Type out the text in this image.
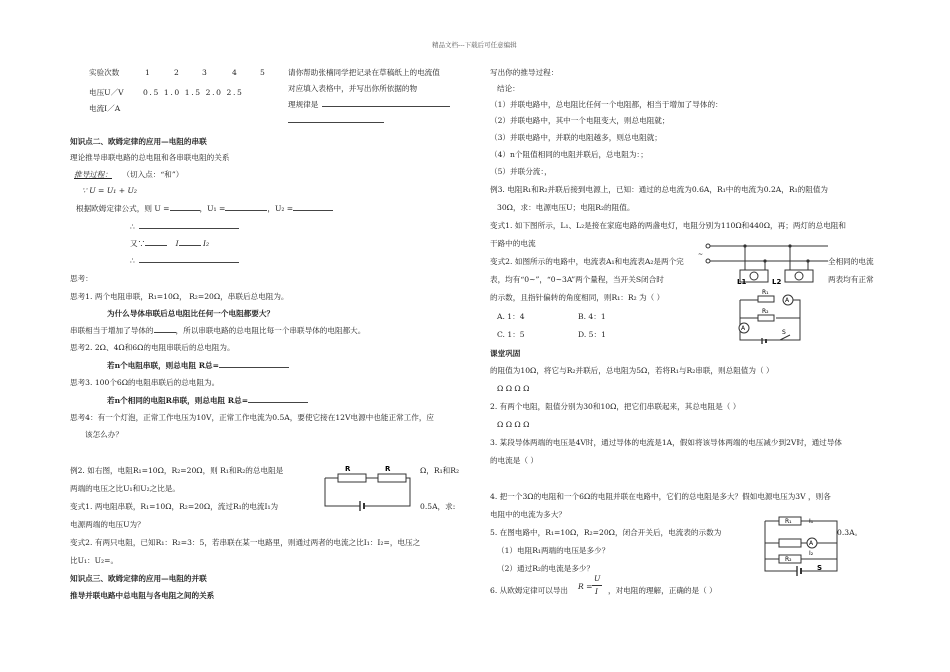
精品文档---下载后可任意编辑
实验次数	1	2	3	4	5
电压U／V	0.5 1.0 1.5 2.0 2.5
电流I／A
知识点二、欧姆定律的应用—电阻的串联
理论推导串联电路的总电阻和各串联电阻的关系
推导过程： （切入点：“和”）
∵ U = U₁ + U₂
根据欧姆定律公式，则 U =	，U₁ =	，U₂ =
∴
又∵	I	I₂
∴
思考：
思考1. 两个电阻串联，R₁=10Ω， R₂=20Ω，串联后总电阻为。
为什么导体串联后总电阻比任何一个电阻都要大？
串联相当于增加了导体的	，所以串联电路的总电阻比每一个串联导体的电阻都大。
思考2. 2Ω、4Ω和6Ω的电阻串联后的总电阻为。
若n个电阻串联，则总电阻 R总=
思考3. 100个6Ω的电阻串联后的总电阻为。
若n个相同的电阻R串联，则总电阻 R总=
思考4：有一个灯泡，正常工作电压为10V，正常工作电流为0.5A，要使它接在12V电源中也能正常工作，应
该怎么办？
例2. 如右图，电阻R₁=10Ω，R₂=20Ω，则 R₁和R₂的总电阻是	Ω，R₁和R₂
两端的电压之比U₁和U₂之比是。
变式1. 两电阻串联，R₁=10Ω，R₂=20Ω，流过R₁的电流I₁为	0.5A，求:
电源两端的电压U为？
变式2. 有两只电阻，已知R₁：R₂=3：5，若串联在某一电路里，则通过两者的电流之比I₁：I₂=，电压之
比U₁：U₂=。
知识点三、欧姆定律的应用—电阻的并联
推导并联电路中总电阻与各电阻之间的关系
请你帮助张楠同学把记录在草稿纸上的电流值
对应填入表格中，并写出你所依据的物
理规律是
R	R
写出你的推导过程：
结论：
（1）并联电路中，总电阻比任何一个电阻都，相当于增加了导体的：
（2）并联电路中，其中一个电阻变大，则总电阻就；
（3）并联电路中，并联的电阻越多，则总电阻就；
（4）n个阻值相同的电阻并联后，总电阻为：；
（5）并联分流：，
例3. 电阻R₁和R₂并联后接到电源上，已知：通过的总电流为0.6A，R₁中的电流为0.2A，R₁的阻值为
30Ω，求：电源电压U；电阻R₂的阻值。
变式1. 如下图所示，L₁、L₂是接在家庭电路的两盏电灯，电阻分别为110Ω和440Ω，再；两灯的总电阻和
干路中的电流
变式2. 如图所示的电路中，电流表A₁和电流表A₂是两个完	全相同的电流
表，均有“0~”，“0~3A”两个量程，当开关S闭合时	两表均有正常
的示数，且指针偏转的角度相同，则R₁：R₂ 为（ ）
A. 1：4	B. 4：1
C. 1：5	D. 5：1
~
L1	L2
A
A
R₁
R₂
S
课堂巩固
的阻值为10Ω，将它与R₂并联后，总电阻为5Ω，若将R₁与R₂串联，则总阻值为（ ）
Ω Ω Ω Ω
2. 有两个电阻，阻值分别为30和10Ω，把它们串联起来，其总电阻是（ ）
Ω Ω Ω Ω
3. 某段导体两端的电压是4V时，通过导体的电流是1A，假如将该导体两端的电压减少到2V时，通过导体
的电流是（ ）
4. 把一个3Ω的电阻和一个6Ω的电阻并联在电路中，它们的总电阻是多大？假如电源电压为3V ，则各
电阻中的电流为多大？
5. 在图电路中，R₁=10Ω，R₂=20Ω，闭合开关后，电流表的示数为	0.3A。
（1）电阻R₁两端的电压是多少？
（2）通过R₂的电流是多少？
6. 从欧姆定律可以导出 R =
U
I ，对电阻的理解，正确的是（ ）
A
R₁	I₁
R₂
I₂
S
